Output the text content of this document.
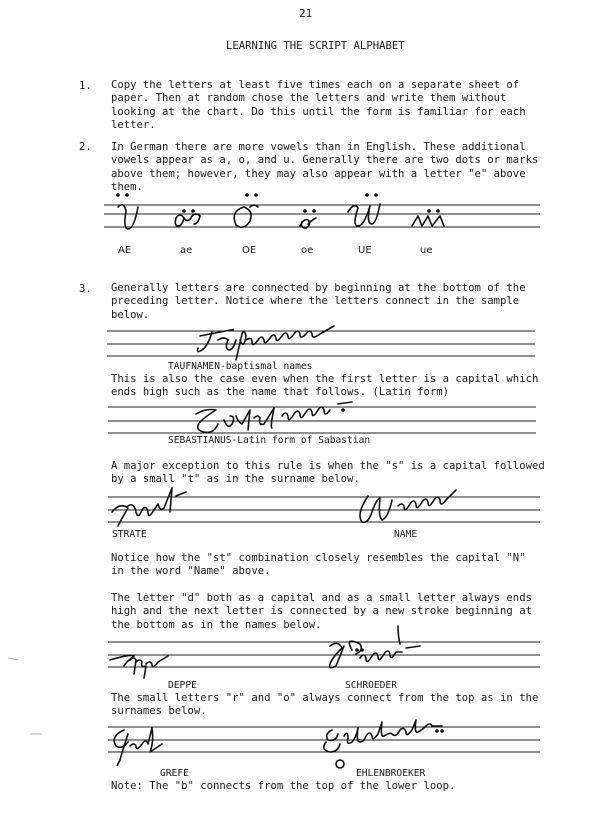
21
LEARNING THE SCRIPT ALPHABET
1. Copy the letters at least five times each on a separate sheet of
paper. Then at random chose the letters and write them without
looking at the chart. Do this until the form is familiar for each
letter.
2. In German there are more vowels than in English. These additional
vowels appear as a, o, and u. Generally there are two dots or marks
above them; however, they may also appear with a letter "e" above
them.
AE	ae	OE	oe	UE	ue
3. Generally letters are connected by beginning at the bottom of the
preceding letter. Notice where the letters connect in the sample
below.
TAUFNAMEN-baptismal names
This is also the case even when the first letter is a capital which
ends high such as the name that follows. (Latin form)
SEBASTIANUS-Latin form of Sabastian
A major exception to this rule is when the "s" is a capital followed
by a small "t" as in the surname below.
STRATE	NAME
Notice how the "st" combination closely resembles the capital "N"
in the word "Name" above.
The letter "d" both as a capital and as a small letter always ends
high and the next letter is connected by a new stroke beginning at
the bottom as in the names below.
DEPPE	SCHROEDER
The small letters "r" and "o" always connect from the top as in the
surnames below.
GREFE	EHLENBROEKER
Note: The "b" connects from the top of the lower loop.
